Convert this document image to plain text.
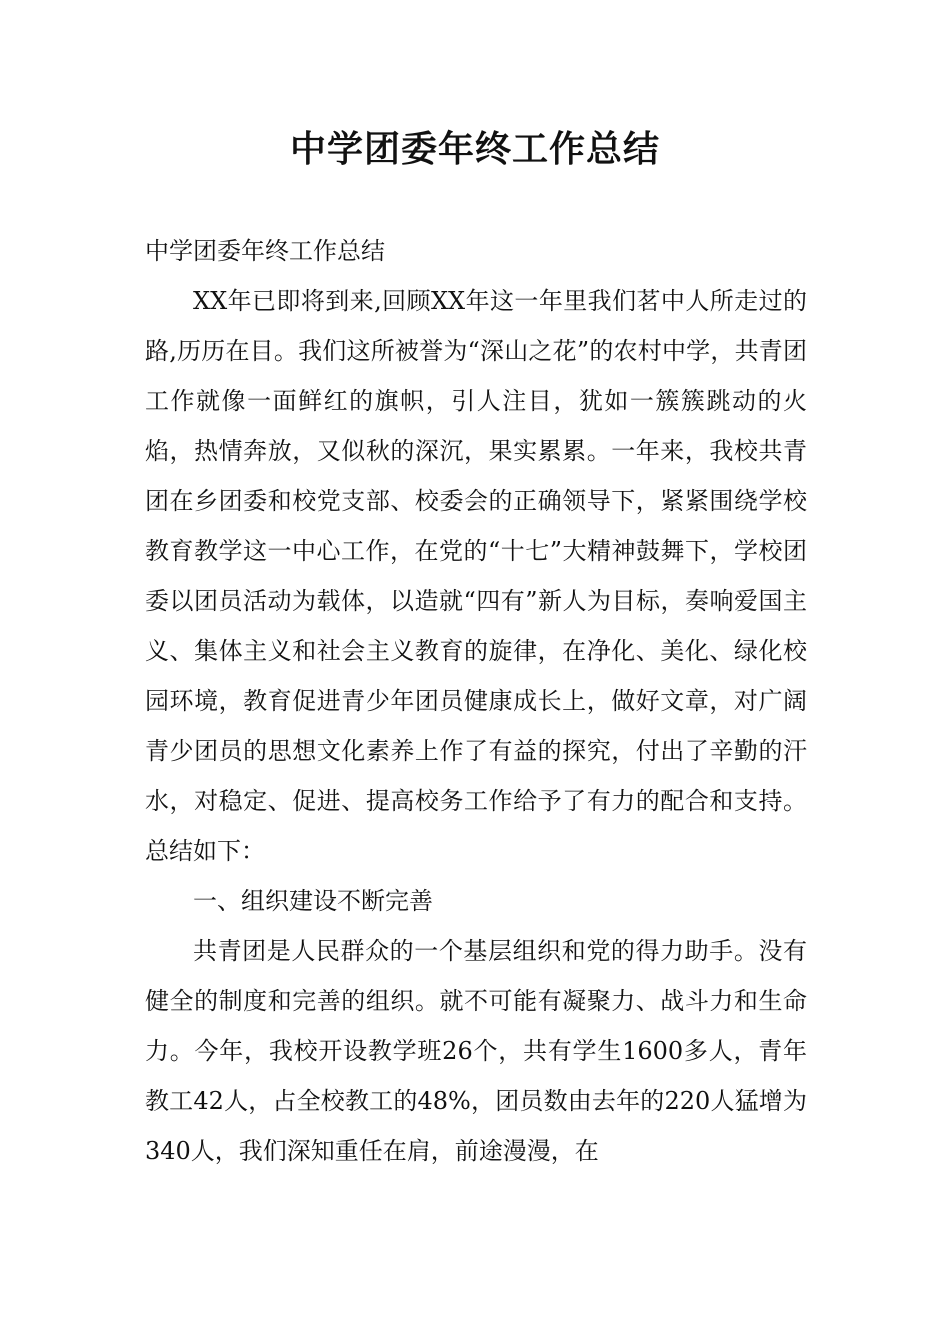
中学团委年终工作总结

中学团委年终工作总结

XX年已即将到来,回顾XX年这一年里我们茗中人所走过的路,历历在目。我们这所被誉为“深山之花”的农村中学，共青团工作就像一面鲜红的旗帜，引人注目，犹如一簇簇跳动的火焰，热情奔放，又似秋的深沉，果实累累。一年来，我校共青团在乡团委和校党支部、校委会的正确领导下，紧紧围绕学校教育教学这一中心工作，在党的“十七”大精神鼓舞下，学校团委以团员活动为载体，以造就“四有”新人为目标，奏响爱国主义、集体主义和社会主义教育的旋律，在净化、美化、绿化校园环境，教育促进青少年团员健康成长上，做好文章，对广阔青少团员的思想文化素养上作了有益的探究，付出了辛勤的汗水，对稳定、促进、提高校务工作给予了有力的配合和支持。总结如下：

一、组织建设不断完善

共青团是人民群众的一个基层组织和党的得力助手。没有健全的制度和完善的组织。就不可能有凝聚力、战斗力和生命力。今年，我校开设教学班26个，共有学生1600多人，青年教工42人，占全校教工的48%，团员数由去年的220人猛增为340人，我们深知重任在肩，前途漫漫，在
